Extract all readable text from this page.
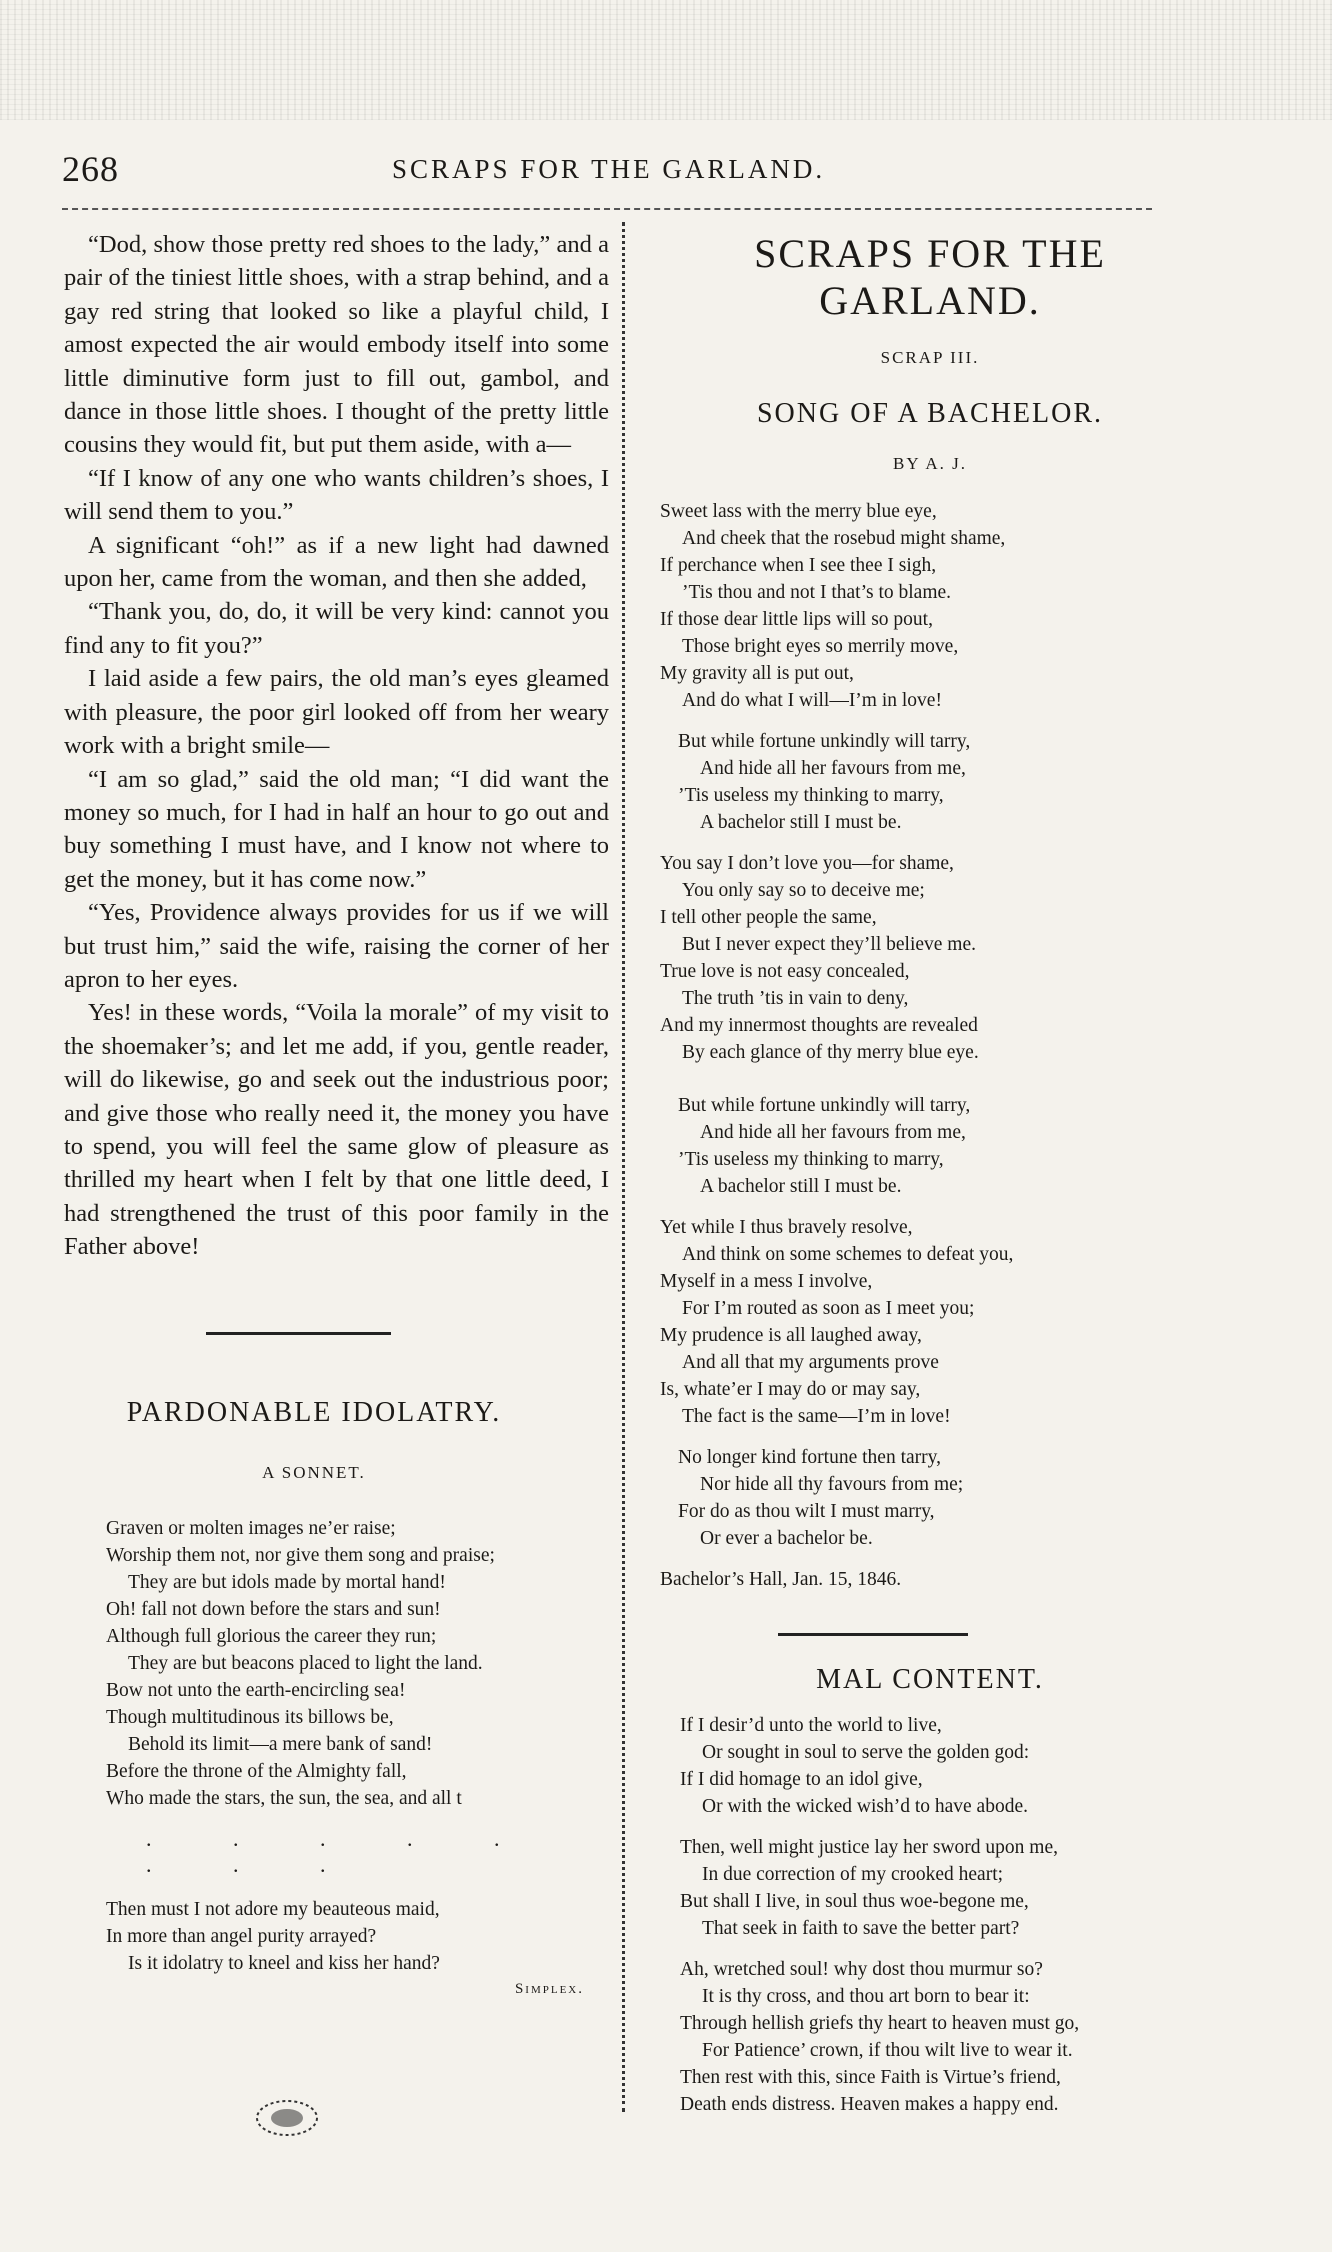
268	SCRAPS FOR THE GARLAND.

“Dod, show those pretty red shoes to the lady,” and a pair of the tiniest little shoes, with a strap behind, and a gay red string that looked so like a playful child, I amost expected the air would embody itself into some little diminutive form just to fill out, gambol, and dance in those little shoes. I thought of the pretty little cousins they would fit, but put them aside, with a—

“If I know of any one who wants children’s shoes, I will send them to you.”

A significant “oh!” as if a new light had dawned upon her, came from the woman, and then she added,

“Thank you, do, do, it will be very kind: cannot you find any to fit you?”

I laid aside a few pairs, the old man’s eyes gleamed with pleasure, the poor girl looked off from her weary work with a bright smile—

“I am so glad,” said the old man; “I did want the money so much, for I had in half an hour to go out and buy something I must have, and I know not where to get the money, but it has come now.”

“Yes, Providence always provides for us if we will but trust him,” said the wife, raising the corner of her apron to her eyes.

Yes! in these words, “Voila la morale” of my visit to the shoemaker’s; and let me add, if you, gentle reader, will do likewise, go and seek out the industrious poor; and give those who really need it, the money you have to spend, you will feel the same glow of pleasure as thrilled my heart when I felt by that one little deed, I had strengthened the trust of this poor family in the Father above!

PARDONABLE IDOLATRY.
A SONNET.
Graven or molten images ne’er raise;
Worship them not, nor give them song and praise;
They are but idols made by mortal hand!
Oh! fall not down before the stars and sun!
Although full glorious the career they run;
They are but beacons placed to light the land.
Bow not unto the earth-encircling sea!
Though multitudinous its billows be,
Behold its limit—a mere bank of sand!
Before the throne of the Almighty fall,
Who made the stars, the sun, the sea, and all t
. . . . . . . .
Then must I not adore my beauteous maid,
In more than angel purity arrayed?
Is it idolatry to kneel and kiss her hand?
Simplex.
SCRAPS FOR THE GARLAND.
SCRAP III.
SONG OF A BACHELOR.
BY A. J.
Sweet lass with the merry blue eye,
And cheek that the rosebud might shame,
If perchance when I see thee I sigh,
’Tis thou and not I that’s to blame.
If those dear little lips will so pout,
Those bright eyes so merrily move,
My gravity all is put out,
And do what I will—I’m in love!
But while fortune unkindly will tarry,
And hide all her favours from me,
’Tis useless my thinking to marry,
A bachelor still I must be.
You say I don’t love you—for shame,
You only say so to deceive me;
I tell other people the same,
But I never expect they’ll believe me.
True love is not easy concealed,
The truth ’tis in vain to deny,
And my innermost thoughts are revealed
By each glance of thy merry blue eye.
But while fortune unkindly will tarry,
And hide all her favours from me,
’Tis useless my thinking to marry,
A bachelor still I must be.
Yet while I thus bravely resolve,
And think on some schemes to defeat you,
Myself in a mess I involve,
For I’m routed as soon as I meet you;
My prudence is all laughed away,
And all that my arguments prove
Is, whate’er I may do or may say,
The fact is the same—I’m in love!
No longer kind fortune then tarry,
Nor hide all thy favours from me;
For do as thou wilt I must marry,
Or ever a bachelor be.
Bachelor’s Hall, Jan. 15, 1846.
MAL CONTENT.
If I desir’d unto the world to live,
Or sought in soul to serve the golden god:
If I did homage to an idol give,
Or with the wicked wish’d to have abode.
Then, well might justice lay her sword upon me,
In due correction of my crooked heart;
But shall I live, in soul thus woe-begone me,
That seek in faith to save the better part?
Ah, wretched soul! why dost thou murmur so?
It is thy cross, and thou art born to bear it:
Through hellish griefs thy heart to heaven must go,
For Patience’ crown, if thou wilt live to wear it.
Then rest with this, since Faith is Virtue’s friend,
Death ends distress. Heaven makes a happy end.
